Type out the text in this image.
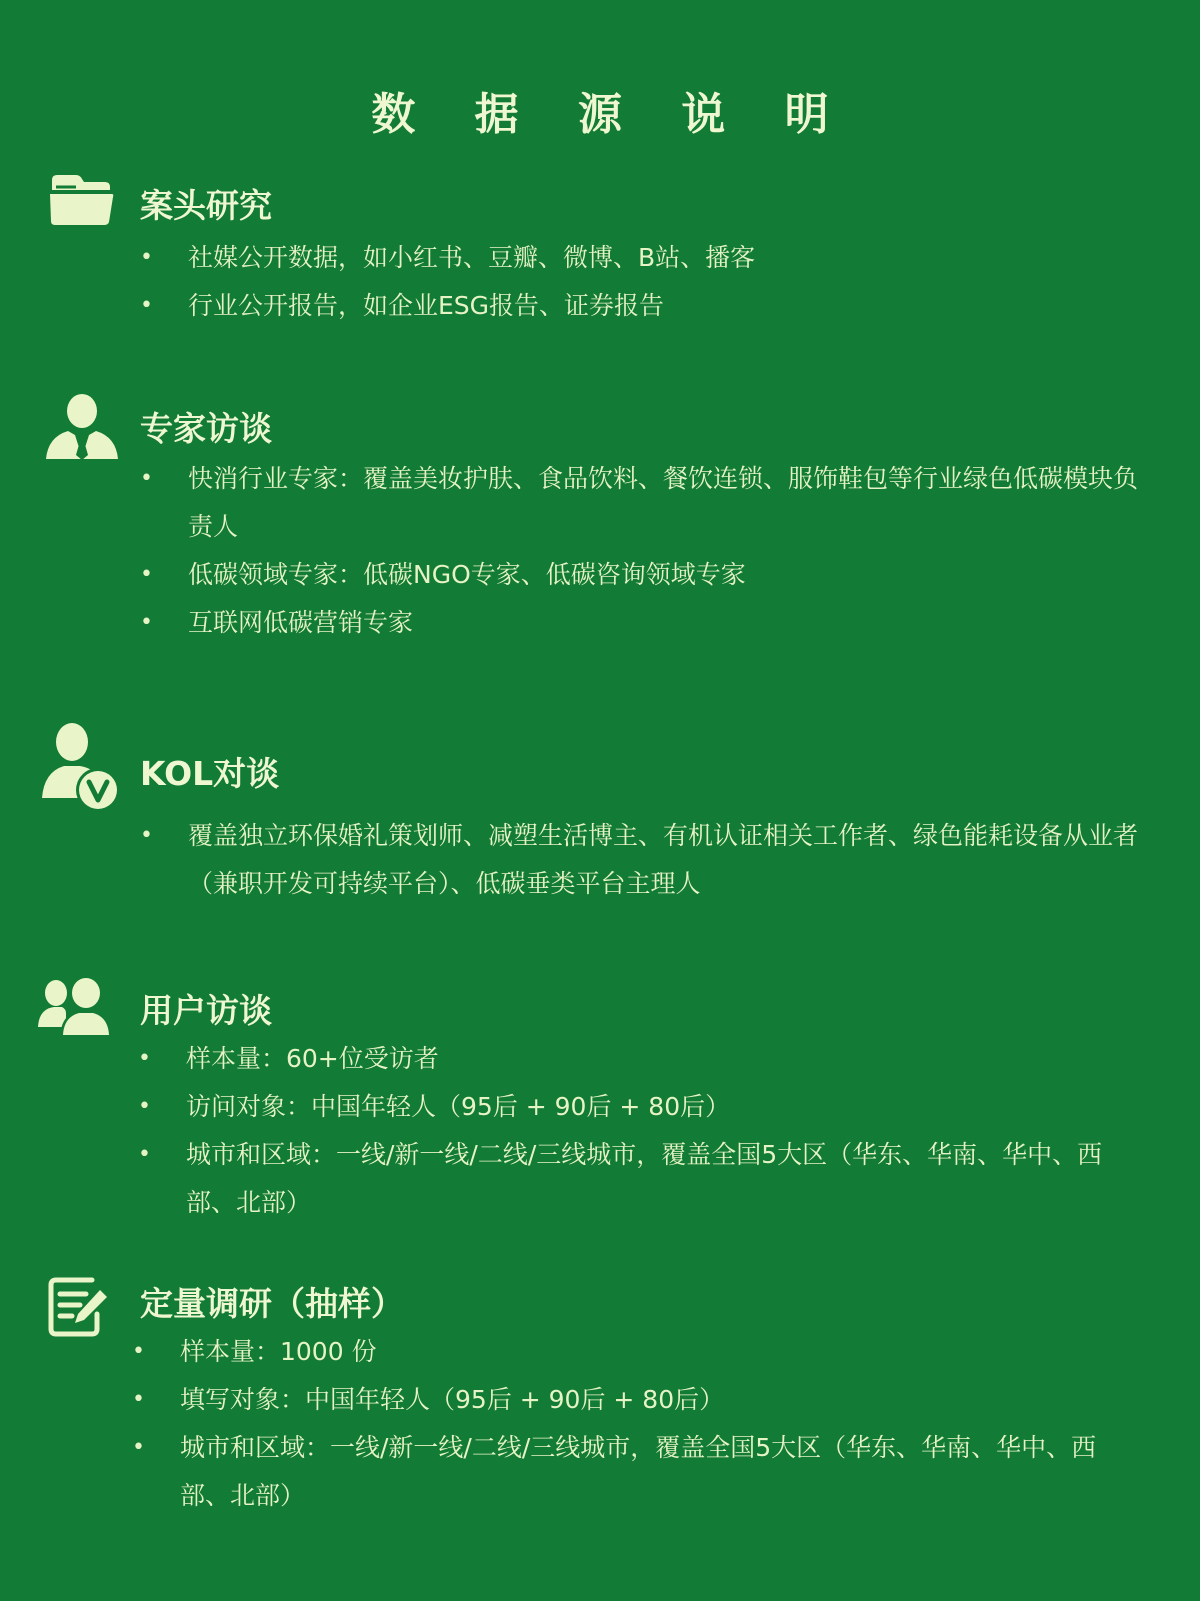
数 据 源 说 明
案头研究
• 社媒公开数据，如小红书、豆瓣、微博、B站、播客
• 行业公开报告，如企业ESG报告、证券报告
专家访谈
• 快消行业专家：覆盖美妆护肤、食品饮料、餐饮连锁、服饰鞋包等行业绿色低碳模块负责人
• 低碳领域专家：低碳NGO专家、低碳咨询领域专家
• 互联网低碳营销专家
KOL对谈
• 覆盖独立环保婚礼策划师、减塑生活博主、有机认证相关工作者、绿色能耗设备从业者（兼职开发可持续平台）、低碳垂类平台主理人
用户访谈
• 样本量：60+位受访者
• 访问对象：中国年轻人（95后 + 90后 + 80后）
• 城市和区域：一线/新一线/二线/三线城市，覆盖全国5大区（华东、华南、华中、西部、北部）
定量调研（抽样）
• 样本量：1000 份
• 填写对象：中国年轻人（95后 + 90后 + 80后）
• 城市和区域：一线/新一线/二线/三线城市，覆盖全国5大区（华东、华南、华中、西部、北部）
